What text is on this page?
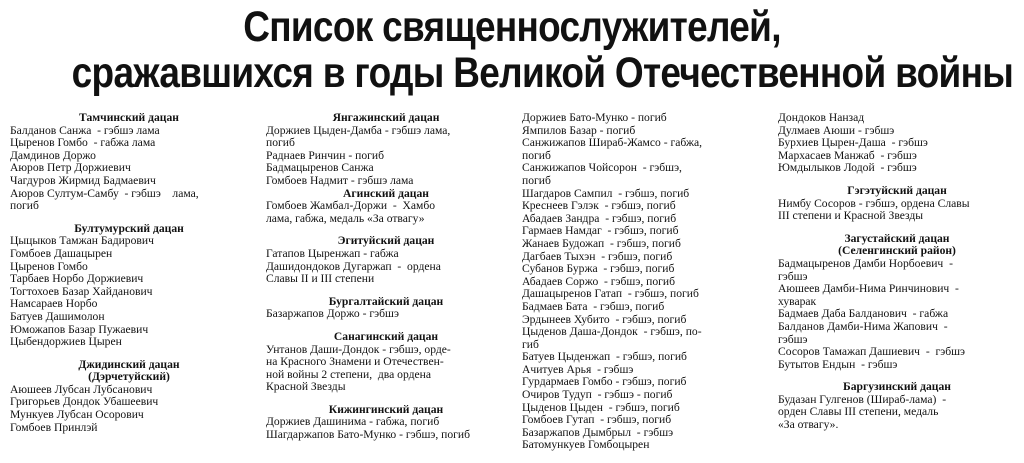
Список священнослужителей,
сражавшихся в годы Великой Отечественной войны
Тамчинский дацан
Балданов Санжа  - гэбшэ лама
Цыренов Гомбо  - габжа лама
Дамдинов Доржо
Аюров Петр Доржиевич
Чагдуров Жирмид Бадмаевич
Аюров Султум-Самбу  - гэбшэ    лама,
погиб
Бултумурский дацан
Цыцыков Тамжан Бадирович
Гомбоев Дашацырен
Цыренов Гомбо
Тарбаев Норбо Доржиевич
Тогтохоев Базар Хайданович
Намсараев Норбо
Батуев Дашимолон
Юможапов Базар Пужаевич
Цыбендоржиев Цырен
Джидинский дацан
(Дэрчетуйский)
Аюшеев Лубсан Лубсанович
Григорьев Дондок Убашеевич
Мункуев Лубсан Осорович
Гомбоев Принлэй
Янгажинский дацан
Доржиев Цыден-Дамба - гэбшэ лама,
погиб
Раднаев Ринчин - погиб
Бадмацыренов Санжа
Гомбоев Надмит - гэбшэ лама
Агинский дацан
Гомбоев Жамбал-Доржи  -  Хамбо
лама, габжа, медаль «За отвагу»
Эгитуйский дацан
Гатапов Цыренжап - габжа
Дашидондоков Дугаржап  -  ордена
Славы II и III степени
Бургалтайский дацан
Базаржапов Доржо - гэбшэ
Санагинский дацан
Унтанов Даши-Дондок - гэбшэ, орде-
на Красного Знамени и Отечествен-
ной войны 2 степени,  два ордена
Красной Звезды
Кижингинский дацан
Доржиев Дашинима - габжа, погиб
Шагдаржапов Бато-Мунко - гэбшэ, погиб
Доржиев Бато-Мунко - погиб
Ямпилов Базар - погиб
Санжижапов Шираб-Жамсо - габжа,
погиб
Санжижапов Чойсорон  - гэбшэ,
погиб
Шагдаров Сампил  - гэбшэ, погиб
Креснеев Гэлэк  - гэбшэ, погиб
Абадаев Зандра  - гэбшэ, погиб
Гармаев Намдаг  - гэбшэ, погиб
Жанаев Будожап  - гэбшэ, погиб
Дагбаев Тыхэн  - гэбшэ, погиб
Субанов Буржа  - гэбшэ, погиб
Абадаев Соржо  - гэбшэ, погиб
Дашацыренов Гатап  - гэбшэ, погиб
Бадмаев Бата  - гэбшэ, погиб
Эрдынеев Хубито  - гэбшэ, погиб
Цыденов Даша-Дондок  - гэбшэ, по-
гиб
Батуев Цыденжап  - гэбшэ, погиб
Ачитуев Арья  - гэбшэ
Гурдармаев Гомбо - гэбшэ, погиб
Очиров Тудуп  - гэбшэ - погиб
Цыденов Цыден  - гэбшэ, погиб
Гомбоев Гутап  - гэбшэ, погиб
Базаржапов Дымбрыл  - гэбшэ
Батомункуев Гомбоцырен
Дондоков Нанзад
Дулмаев Аюши - гэбшэ
Бурхиев Цырен-Даша  - гэбшэ
Мархасаев Манжаб  - гэбшэ
Юмдылыков Лодой  - гэбшэ
Гэгэтуйский дацан
Нимбу Сосоров - гэбшэ, ордена Славы
III степени и Красной Звезды
Загустайский дацан
(Селенгинский район)
Бадмацыренов Дамби Норбоевич  -
гэбшэ
Аюшеев Дамби-Нима Ринчинович  -
хуварак
Бадмаев Даба Балданович  - габжа
Балданов Дамби-Нима Жапович  -
гэбшэ
Сосоров Тамажап Дашиевич  -  гэбшэ
Бутытов Ендын  - гэбшэ
Баргузинский дацан
Будазан Гулгенов (Шираб-лама)  -
орден Славы III степени, медаль
«За отвагу».
